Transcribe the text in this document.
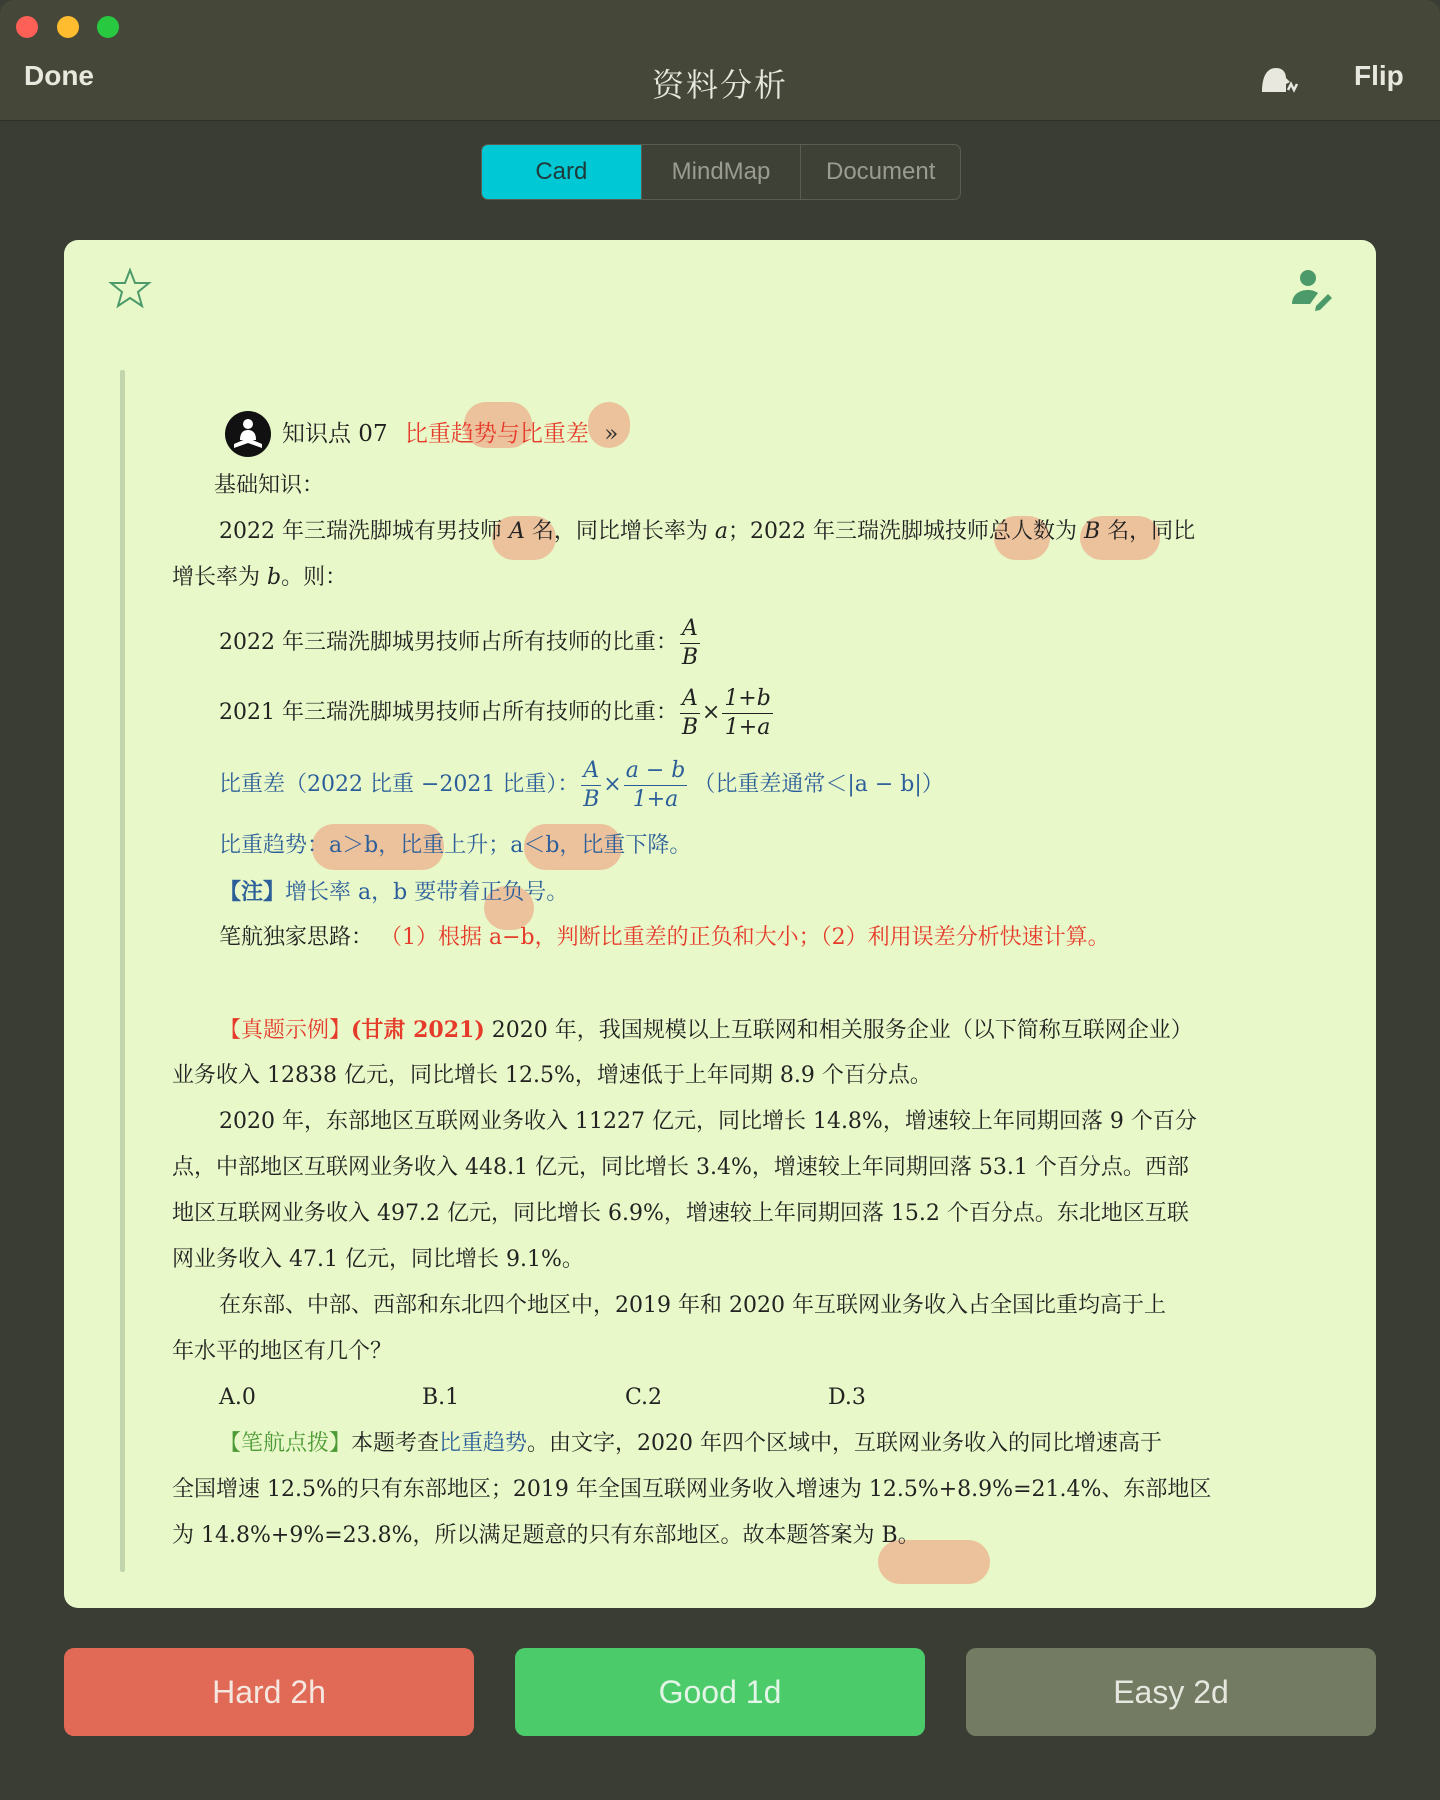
Done	资料分析	Flip
Card	MindMap	Document
知识点 07 比重趋势与比重差 »
基础知识：
2022 年三瑞洗脚城有男技师 A 名，同比增长率为 a；2022 年三瑞洗脚城技师总人数为 B 名，同比
增长率为 b。则：
2022 年三瑞洗脚城男技师占所有技师的比重： $\frac{A}{B}$
2021 年三瑞洗脚城男技师占所有技师的比重： $\frac{A}{B} \times \frac{1+b}{1+a}$
比重差（2022 比重 −2021 比重）： $\frac{A}{B} \times \frac{a - b}{1+a}$ （比重差通常＜|a − b|）
比重趋势：a＞b，比重上升；a＜b，比重下降。
【注】增长率 a，b 要带着正负号。
笔航独家思路： （1）根据 a−b，判断比重差的正负和大小；（2）利用误差分析快速计算。
【真题示例】(甘肃 2021) 2020 年，我国规模以上互联网和相关服务企业（以下简称互联网企业）
业务收入 12838 亿元，同比增长 12.5%，增速低于上年同期 8.9 个百分点。
2020 年，东部地区互联网业务收入 11227 亿元，同比增长 14.8%，增速较上年同期回落 9 个百分
点，中部地区互联网业务收入 448.1 亿元，同比增长 3.4%，增速较上年同期回落 53.1 个百分点。西部
地区互联网业务收入 497.2 亿元，同比增长 6.9%，增速较上年同期回落 15.2 个百分点。东北地区互联
网业务收入 47.1 亿元，同比增长 9.1%。
在东部、中部、西部和东北四个地区中，2019 年和 2020 年互联网业务收入占全国比重均高于上
年水平的地区有几个？
A.0	B.1	C.2	D.3
【笔航点拨】本题考查比重趋势。由文字，2020 年四个区域中，互联网业务收入的同比增速高于
全国增速 12.5%的只有东部地区；2019 年全国互联网业务收入增速为 12.5%+8.9%=21.4%、东部地区
为 14.8%+9%=23.8%，所以满足题意的只有东部地区。故本题答案为 B。
Hard 2h	Good 1d	Easy 2d
